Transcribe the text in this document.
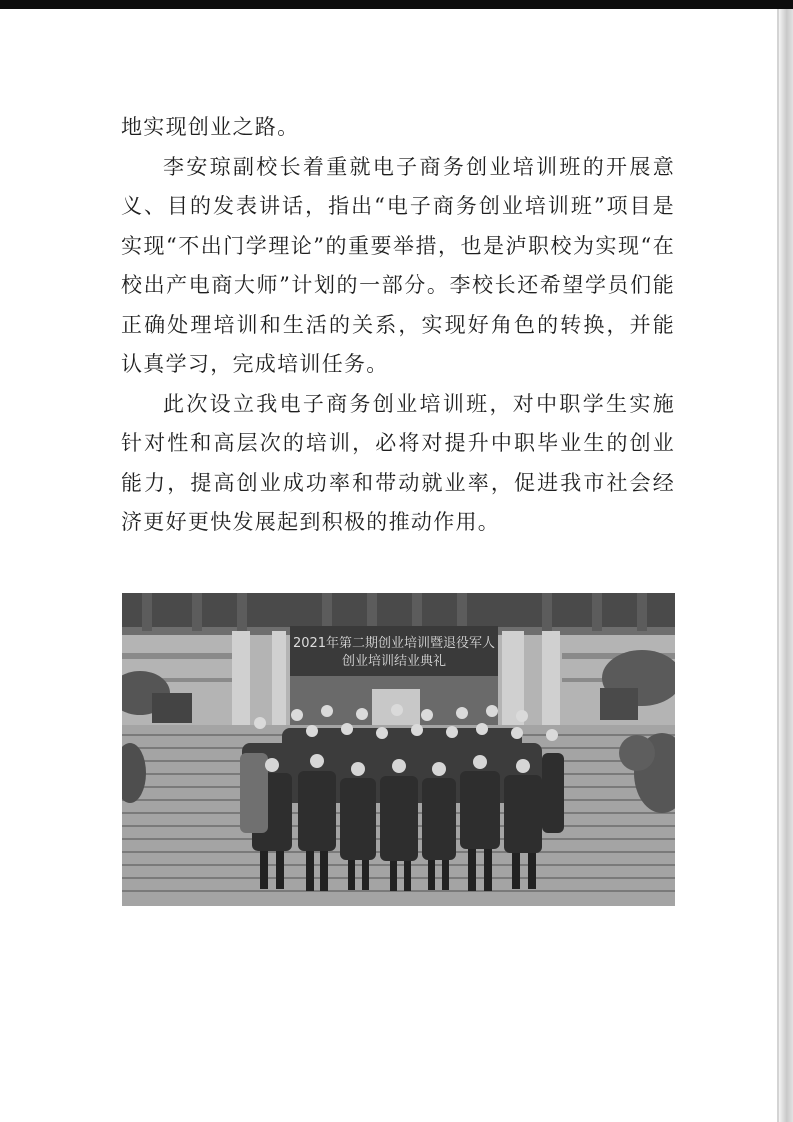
地实现创业之路。

李安琼副校长着重就电子商务创业培训班的开展意义、目的发表讲话，指出“电子商务创业培训班”项目是实现“不出门学理论”的重要举措，也是泸职校为实现“在校出产电商大师”计划的一部分。李校长还希望学员们能正确处理培训和生活的关系，实现好角色的转换，并能认真学习，完成培训任务。

此次设立我电子商务创业培训班，对中职学生实施针对性和高层次的培训，必将对提升中职毕业生的创业能力，提高创业成功率和带动就业率，促进我市社会经济更好更快发展起到积极的推动作用。

2021年第二期创业培训暨退役军人
创业培训结业典礼
